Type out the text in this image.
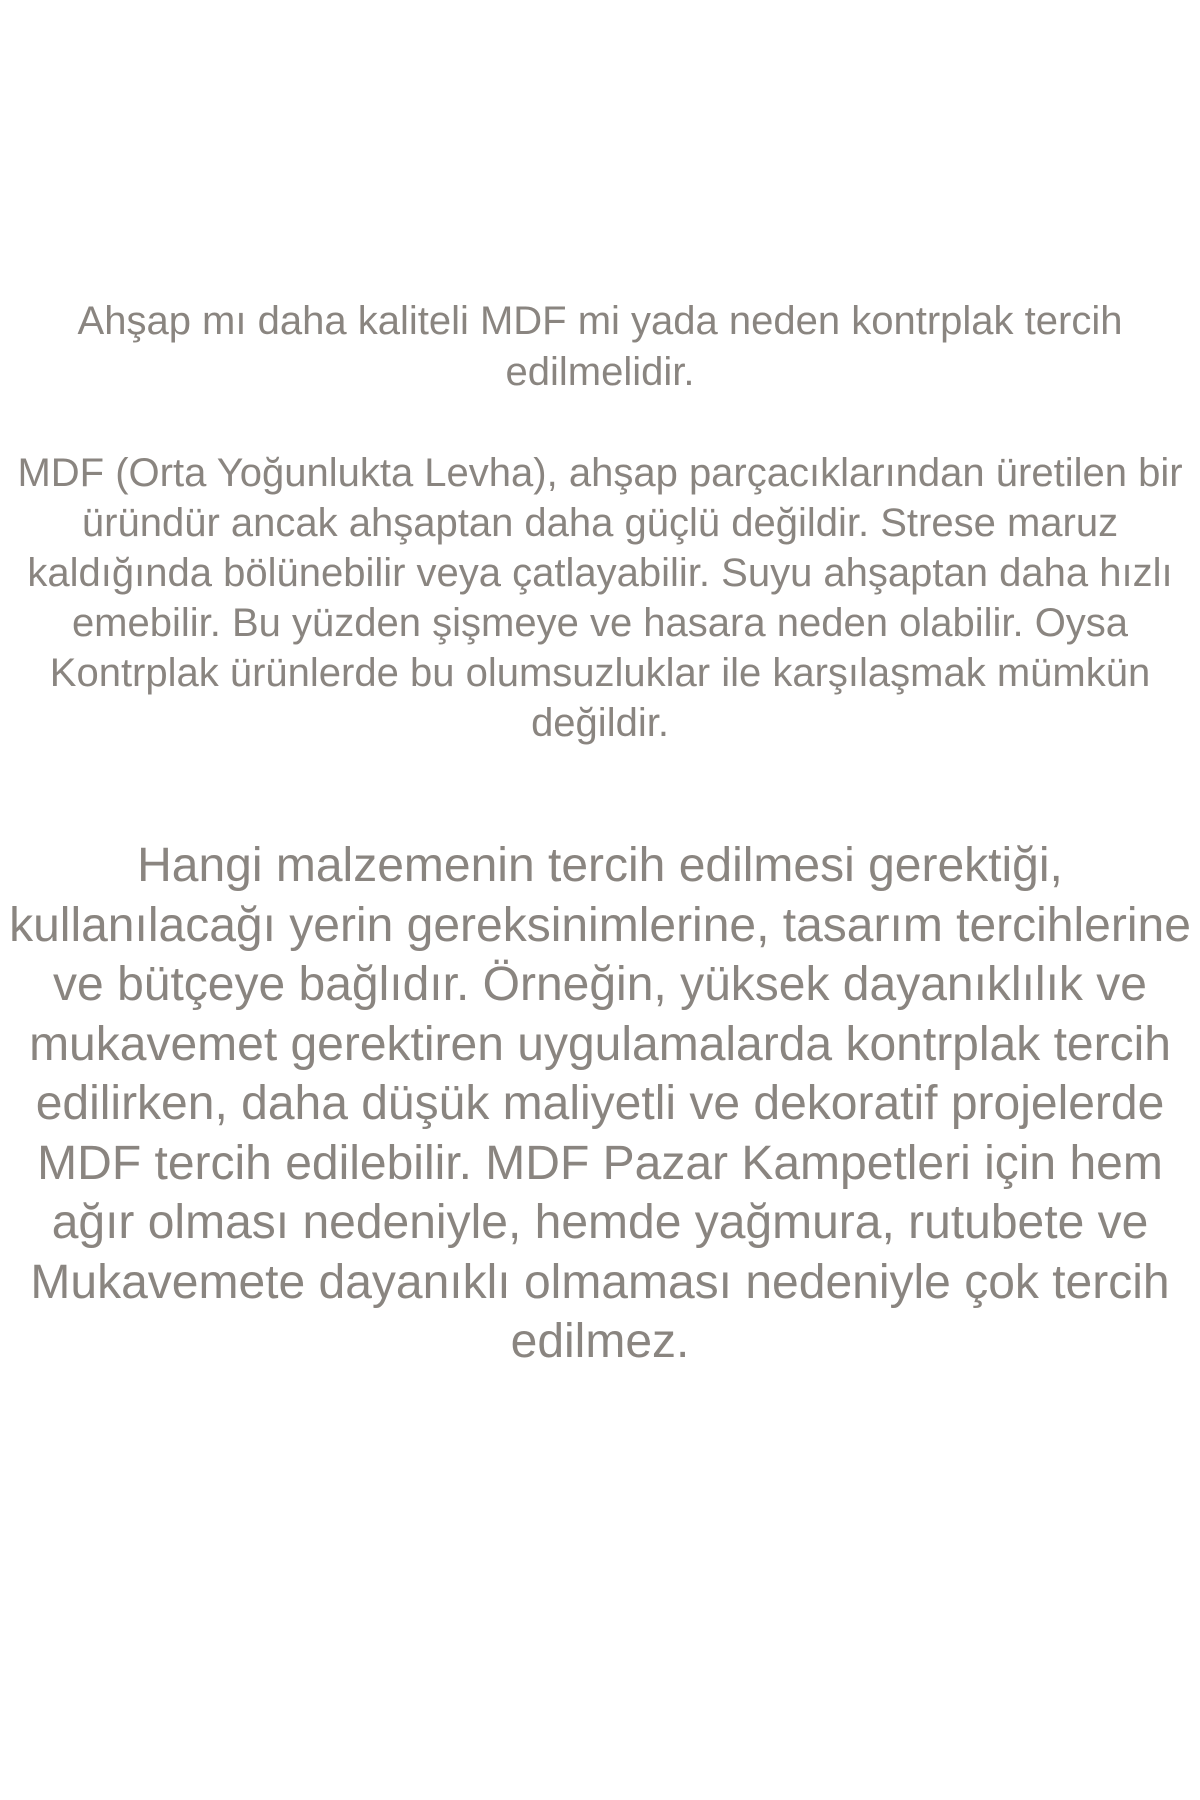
Ahşap mı daha kaliteli MDF mi yada neden kontrplak tercih edilmelidir.

MDF (Orta Yoğunlukta Levha), ahşap parçacıklarından üretilen bir üründür ancak ahşaptan daha güçlü değildir. Strese maruz kaldığında bölünebilir veya çatlayabilir. Suyu ahşaptan daha hızlı emebilir. Bu yüzden şişmeye ve hasara neden olabilir. Oysa Kontrplak ürünlerde bu olumsuzluklar ile karşılaşmak mümkün değildir.

Hangi malzemenin tercih edilmesi gerektiği, kullanılacağı yerin gereksinimlerine, tasarım tercihlerine ve bütçeye bağlıdır. Örneğin, yüksek dayanıklılık ve mukavemet gerektiren uygulamalarda kontrplak tercih edilirken, daha düşük maliyetli ve dekoratif projelerde MDF tercih edilebilir. MDF Pazar Kampetleri için hem ağır olması nedeniyle, hemde yağmura, rutubete ve Mukavemete dayanıklı olmaması nedeniyle çok tercih edilmez.
